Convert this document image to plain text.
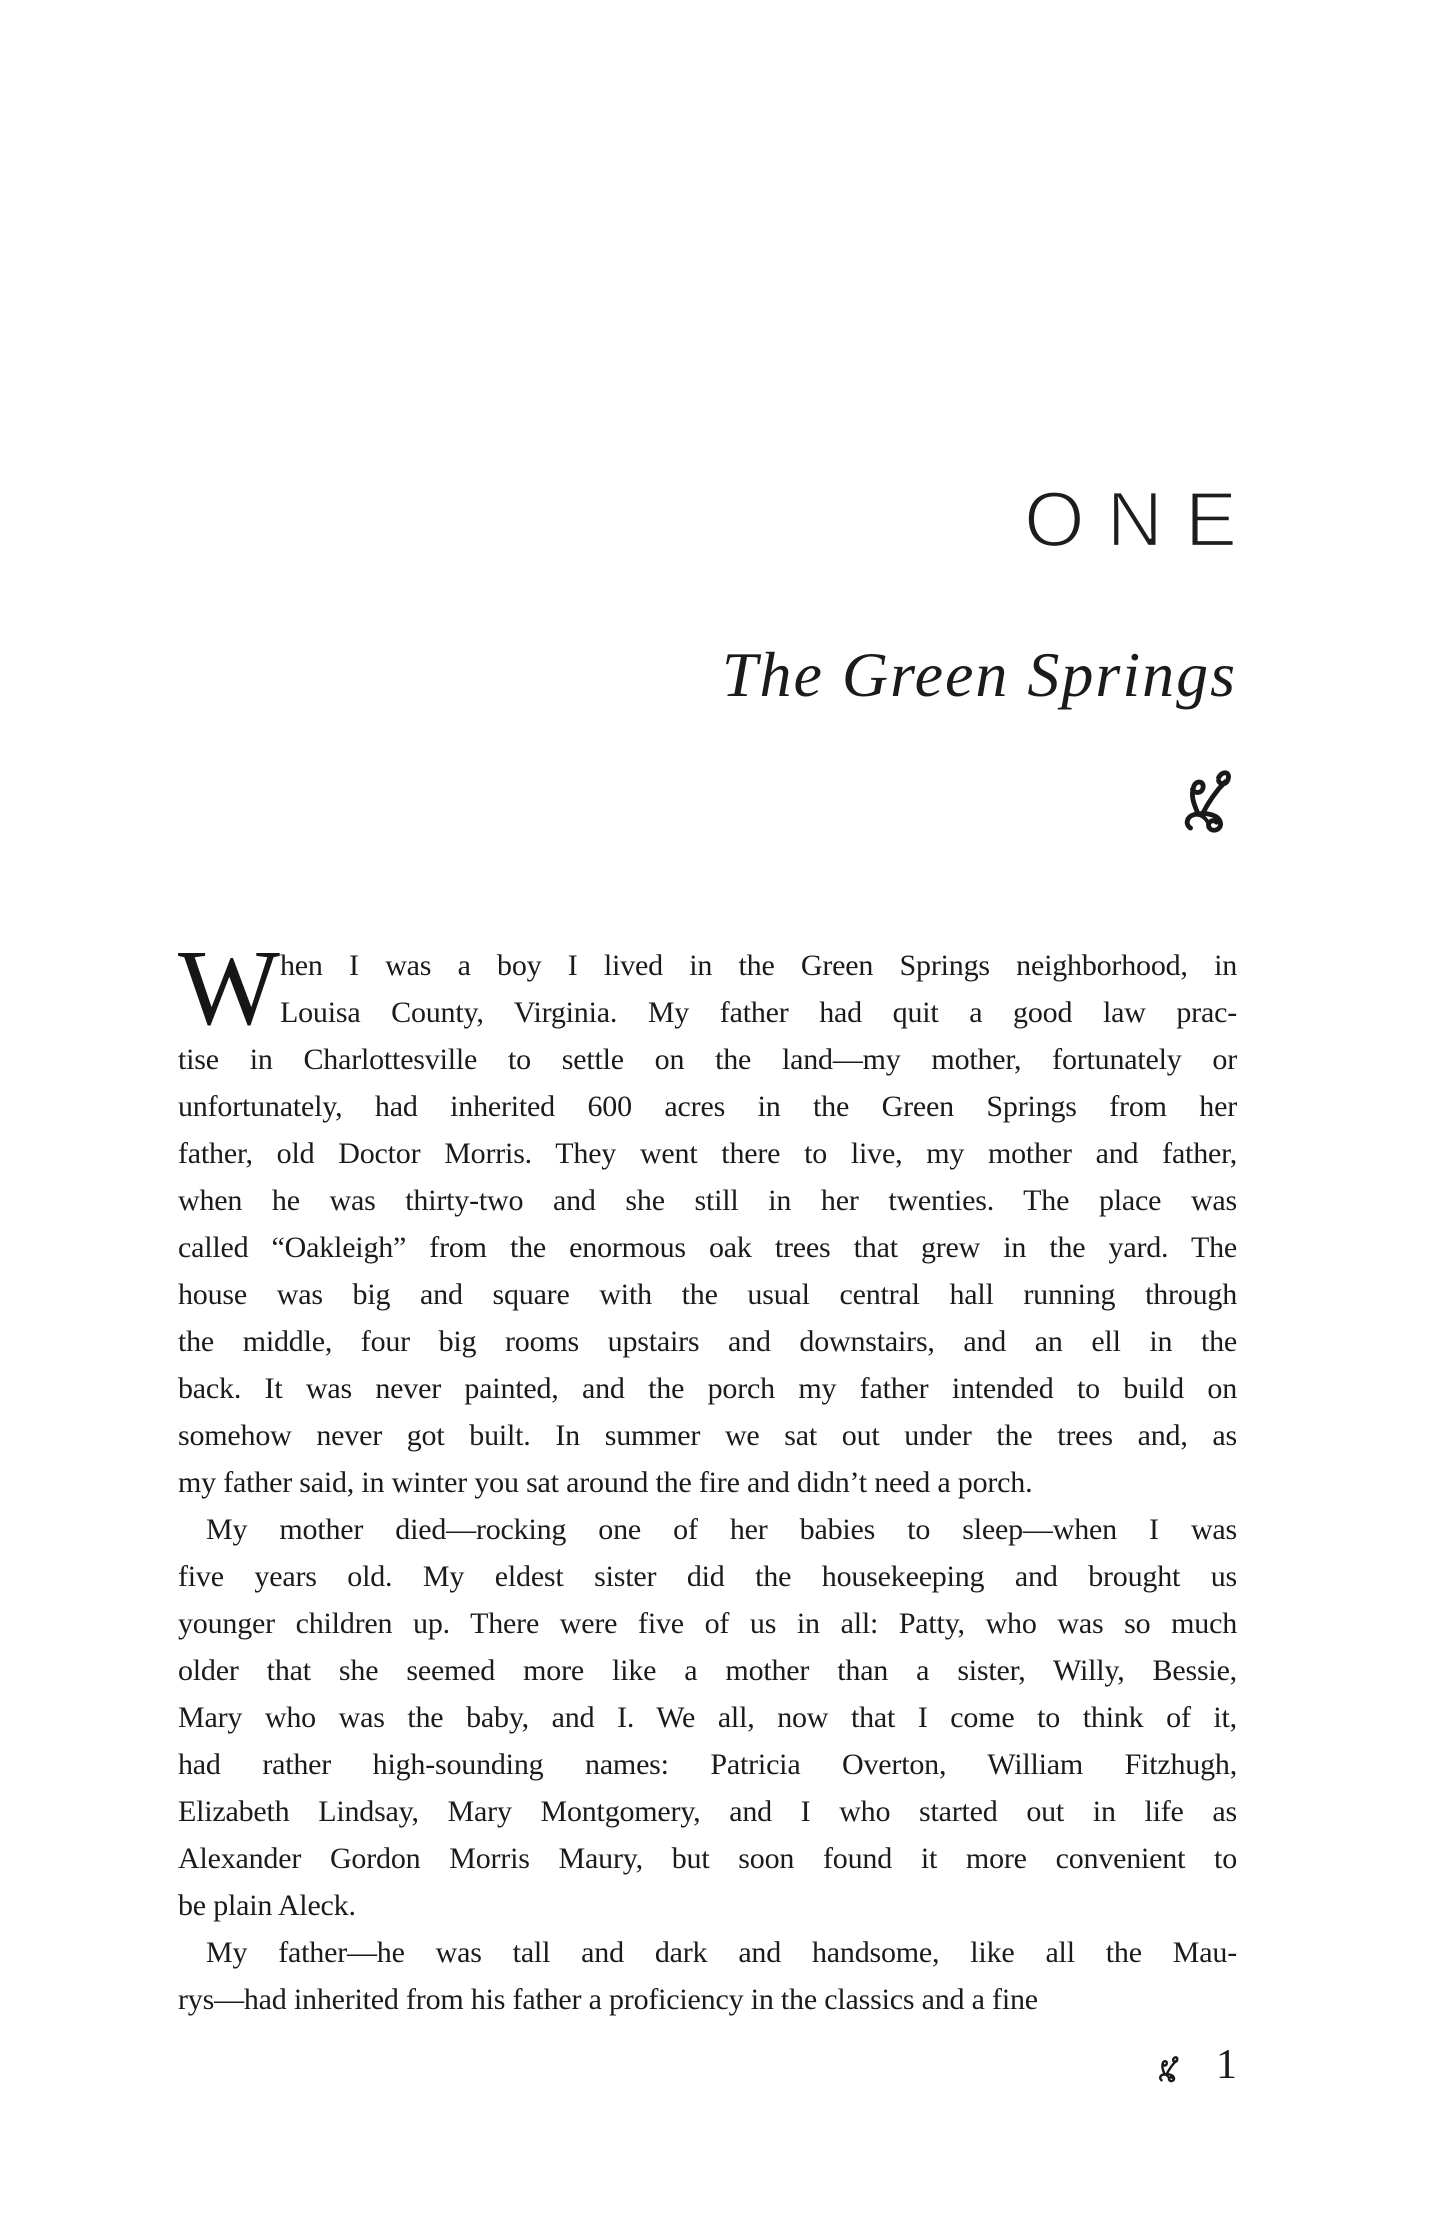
ONE
The Green Springs
W hen I was a boy I lived in the Green Springs neighborhood, in
Louisa County, Virginia. My father had quit a good law prac-
tise in Charlottesville to settle on the land—my mother, fortunately or
unfortunately, had inherited 600 acres in the Green Springs from her
father, old Doctor Morris. They went there to live, my mother and father,
when he was thirty-two and she still in her twenties. The place was
called “Oakleigh” from the enormous oak trees that grew in the yard. The
house was big and square with the usual central hall running through
the middle, four big rooms upstairs and downstairs, and an ell in the
back. It was never painted, and the porch my father intended to build on
somehow never got built. In summer we sat out under the trees and, as
my father said, in winter you sat around the fire and didn’t need a porch.
My mother died—rocking one of her babies to sleep—when I was
five years old. My eldest sister did the housekeeping and brought us
younger children up. There were five of us in all: Patty, who was so much
older that she seemed more like a mother than a sister, Willy, Bessie,
Mary who was the baby, and I. We all, now that I come to think of it,
had rather high-sounding names: Patricia Overton, William Fitzhugh,
Elizabeth Lindsay, Mary Montgomery, and I who started out in life as
Alexander Gordon Morris Maury, but soon found it more convenient to
be plain Aleck.
My father—he was tall and dark and handsome, like all the Mau-
rys—had inherited from his father a proficiency in the classics and a fine
1
